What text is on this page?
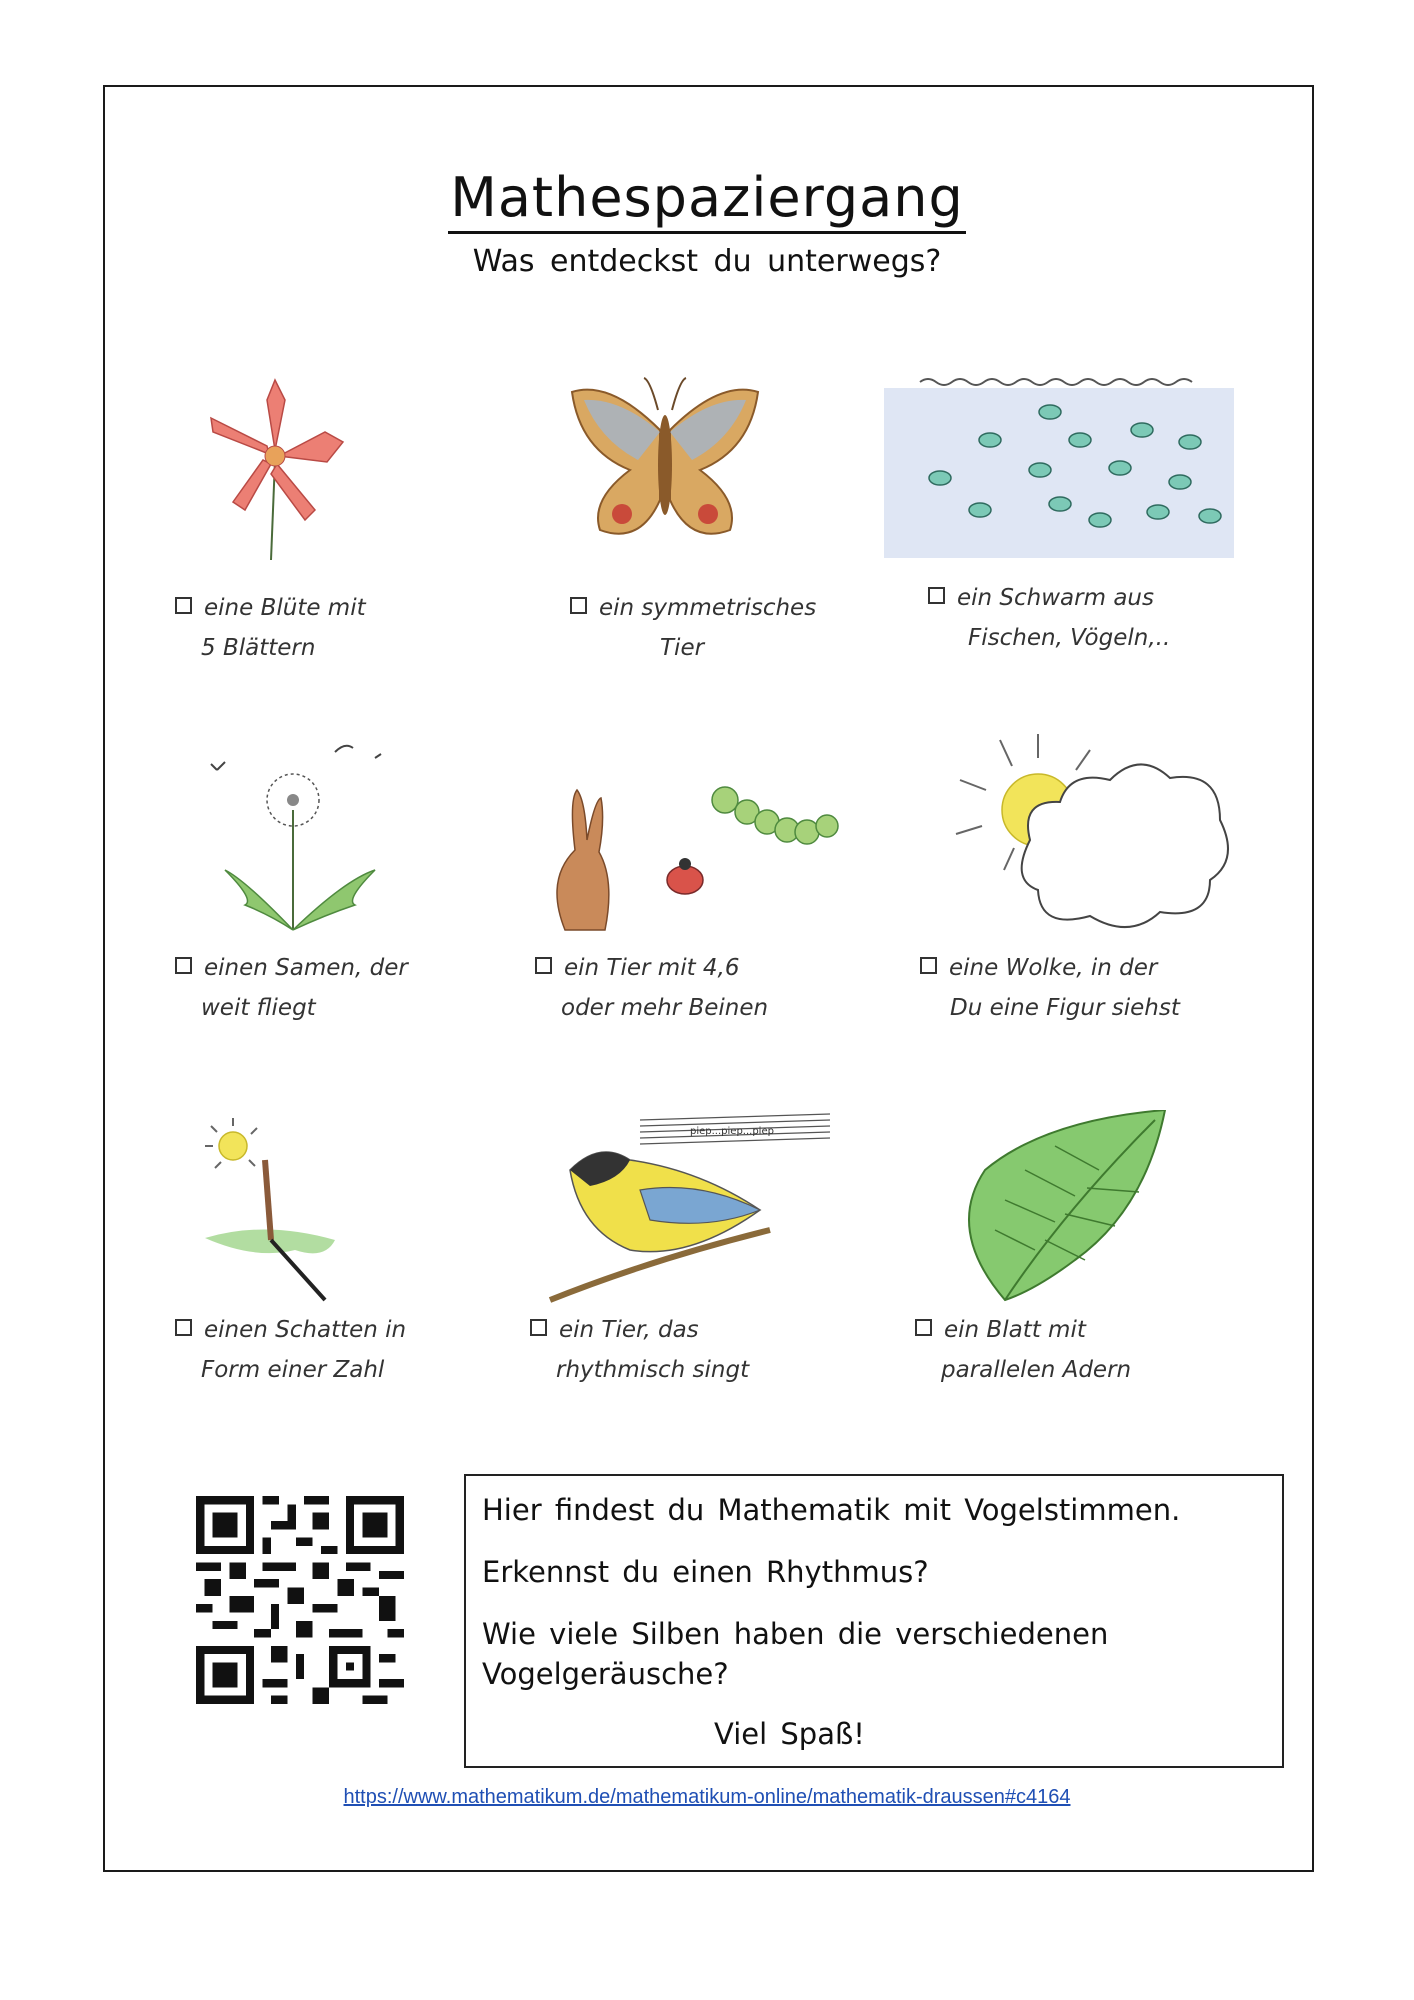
Mathespaziergang
Was entdeckst du unterwegs?
eine Blüte mit
5 Blättern
ein symmetrisches
Tier
ein Schwarm aus
Fischen, Vögeln,..
einen Samen, der
weit fliegt
ein Tier mit 4,6
oder mehr Beinen
eine Wolke, in der
Du eine Figur siehst
einen Schatten in
Form einer Zahl
piep...piep...piep
ein Tier, das
rhythmisch singt
ein Blatt mit
parallelen Adern

Hier findest du Mathematik mit Vogelstimmen.

Erkennst du einen Rhythmus?

Wie viele Silben haben die verschiedenen Vogelgeräusche?

Viel Spaß!

https://www.mathematikum.de/mathematikum-online/mathematik-draussen#c4164
